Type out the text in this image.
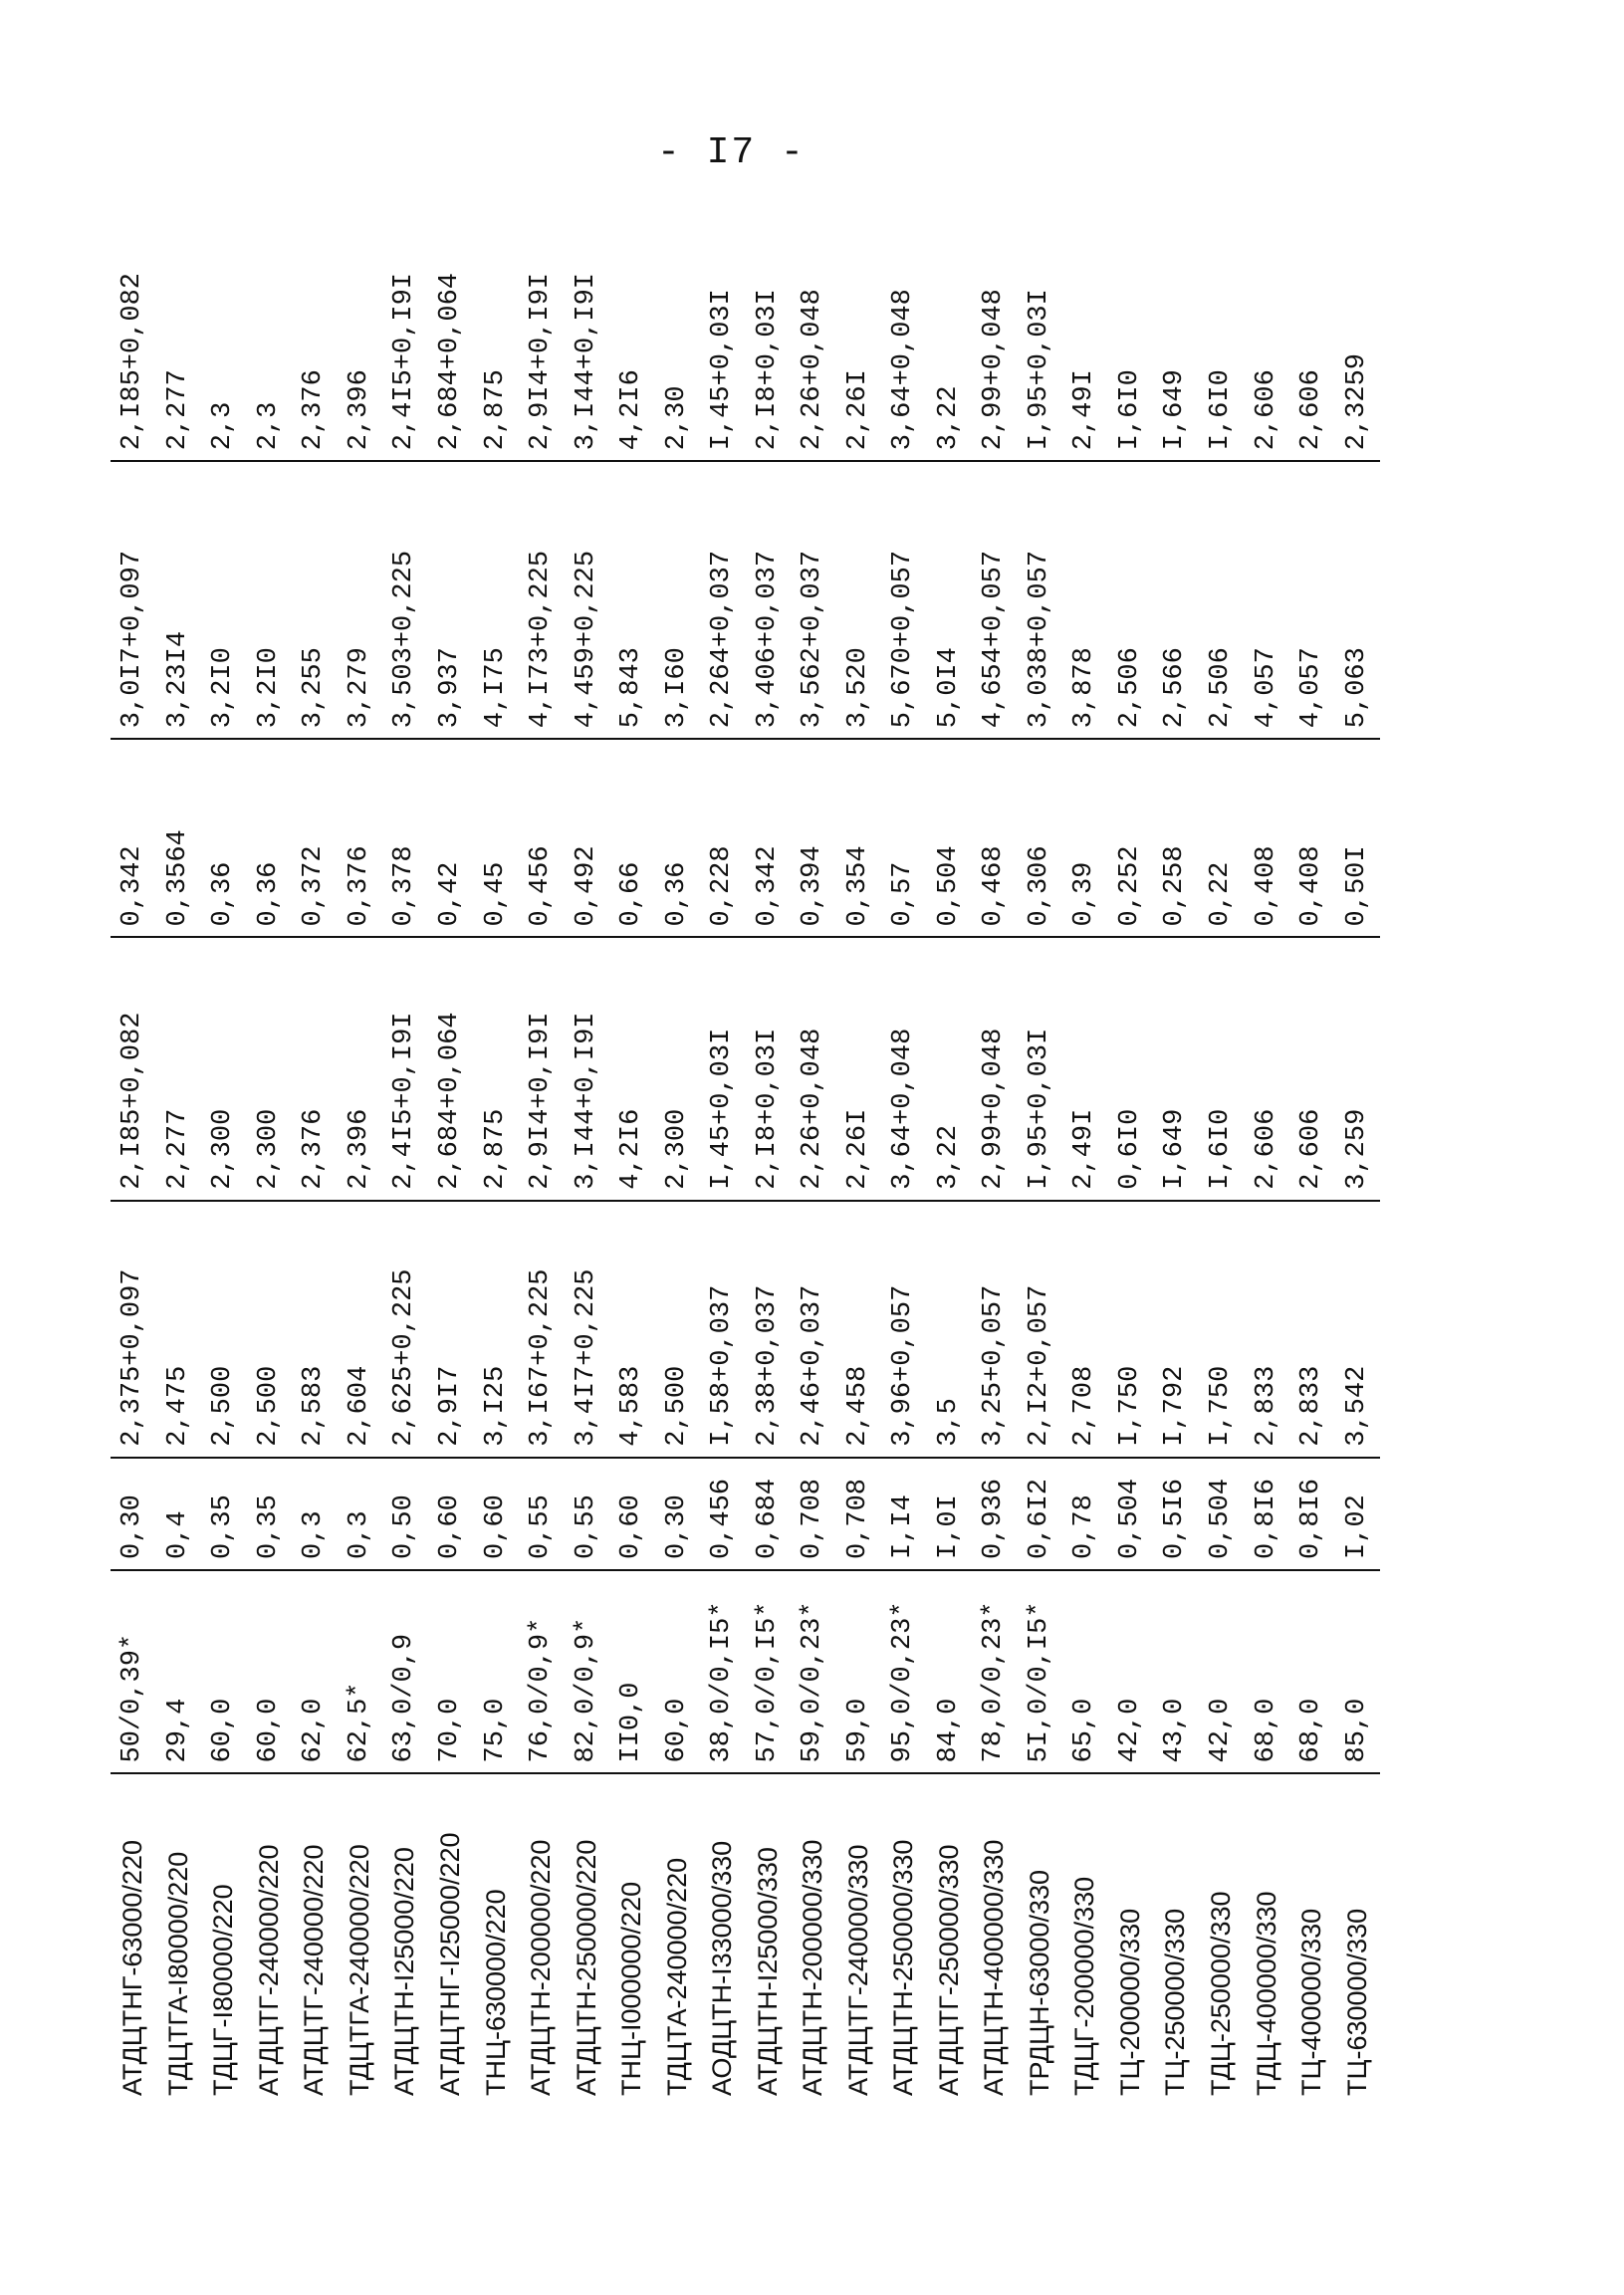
- I7 -
АТДЦТНГ-63000/220	50/0,39*	0,30	2,375+0,097	2,I85+0,082	0,342	3,0I7+0,097	2,I85+0,082
ТДЦТГА-I80000/220	29,4	0,4	2,475	2,277	0,3564	3,23I4	2,277
ТДЦГ-I80000/220	60,0	0,35	2,500	2,300	0,36	3,2I0	2,3
АТДЦТГ-240000/220	60,0	0,35	2,500	2,300	0,36	3,2I0	2,3
АТДЦТГ-240000/220	62,0	0,3	2,583	2,376	0,372	3,255	2,376
ТДЦТГА-240000/220	62,5*	0,3	2,604	2,396	0,376	3,279	2,396
АТДЦТН-I25000/220	63,0/0,9	0,50	2,625+0,225	2,4I5+0,I9I	0,378	3,503+0,225	2,4I5+0,I9I
АТДЦТНГ-I25000/220	70,0	0,60	2,9I7	2,684+0,064	0,42	3,937	2,684+0,064
ТНЦ-630000/220	75,0	0,60	3,I25	2,875	0,45	4,I75	2,875
АТДЦТН-200000/220	76,0/0,9*	0,55	3,I67+0,225	2,9I4+0,I9I	0,456	4,I73+0,225	2,9I4+0,I9I
АТДЦТН-250000/220	82,0/0,9*	0,55	3,4I7+0,225	3,I44+0,I9I	0,492	4,459+0,225	3,I44+0,I9I
ТНЦ-I000000/220	II0,0	0,60	4,583	4,2I6	0,66	5,843	4,2I6
ТДЦТА-240000/220	60,0	0,30	2,500	2,300	0,36	3,I60	2,30
АОДЦТН-I33000/330	38,0/0,I5*	0,456	I,58+0,037	I,45+0,03I	0,228	2,264+0,037	I,45+0,03I
АТДЦТН-I25000/330	57,0/0,I5*	0,684	2,38+0,037	2,I8+0,03I	0,342	3,406+0,037	2,I8+0,03I
АТДЦТН-200000/330	59,0/0,23*	0,708	2,46+0,037	2,26+0,048	0,394	3,562+0,037	2,26+0,048
АТДЦТГ-240000/330	59,0	0,708	2,458	2,26I	0,354	3,520	2,26I
АТДЦТН-250000/330	95,0/0,23*	I,I4	3,96+0,057	3,64+0,048	0,57	5,670+0,057	3,64+0,048
АТДЦТГ-250000/330	84,0	I,0I	3,5	3,22	0,504	5,0I4	3,22
АТДЦТН-400000/330	78,0/0,23*	0,936	3,25+0,057	2,99+0,048	0,468	4,654+0,057	2,99+0,048
ТРДЦН-63000/330	5I,0/0,I5*	0,6I2	2,I2+0,057	I,95+0,03I	0,306	3,038+0,057	I,95+0,03I
ТДЦГ-200000/330	65,0	0,78	2,708	2,49I	0,39	3,878	2,49I
ТЦ-200000/330	42,0	0,504	I,750	0,6I0	0,252	2,506	I,6I0
ТЦ-250000/330	43,0	0,5I6	I,792	I,649	0,258	2,566	I,649
ТДЦ-250000/330	42,0	0,504	I,750	I,6I0	0,22	2,506	I,6I0
ТДЦ-400000/330	68,0	0,8I6	2,833	2,606	0,408	4,057	2,606
ТЦ-400000/330	68,0	0,8I6	2,833	2,606	0,408	4,057	2,606
ТЦ-630000/330	85,0	I,02	3,542	3,259	0,50I	5,063	2,3259
